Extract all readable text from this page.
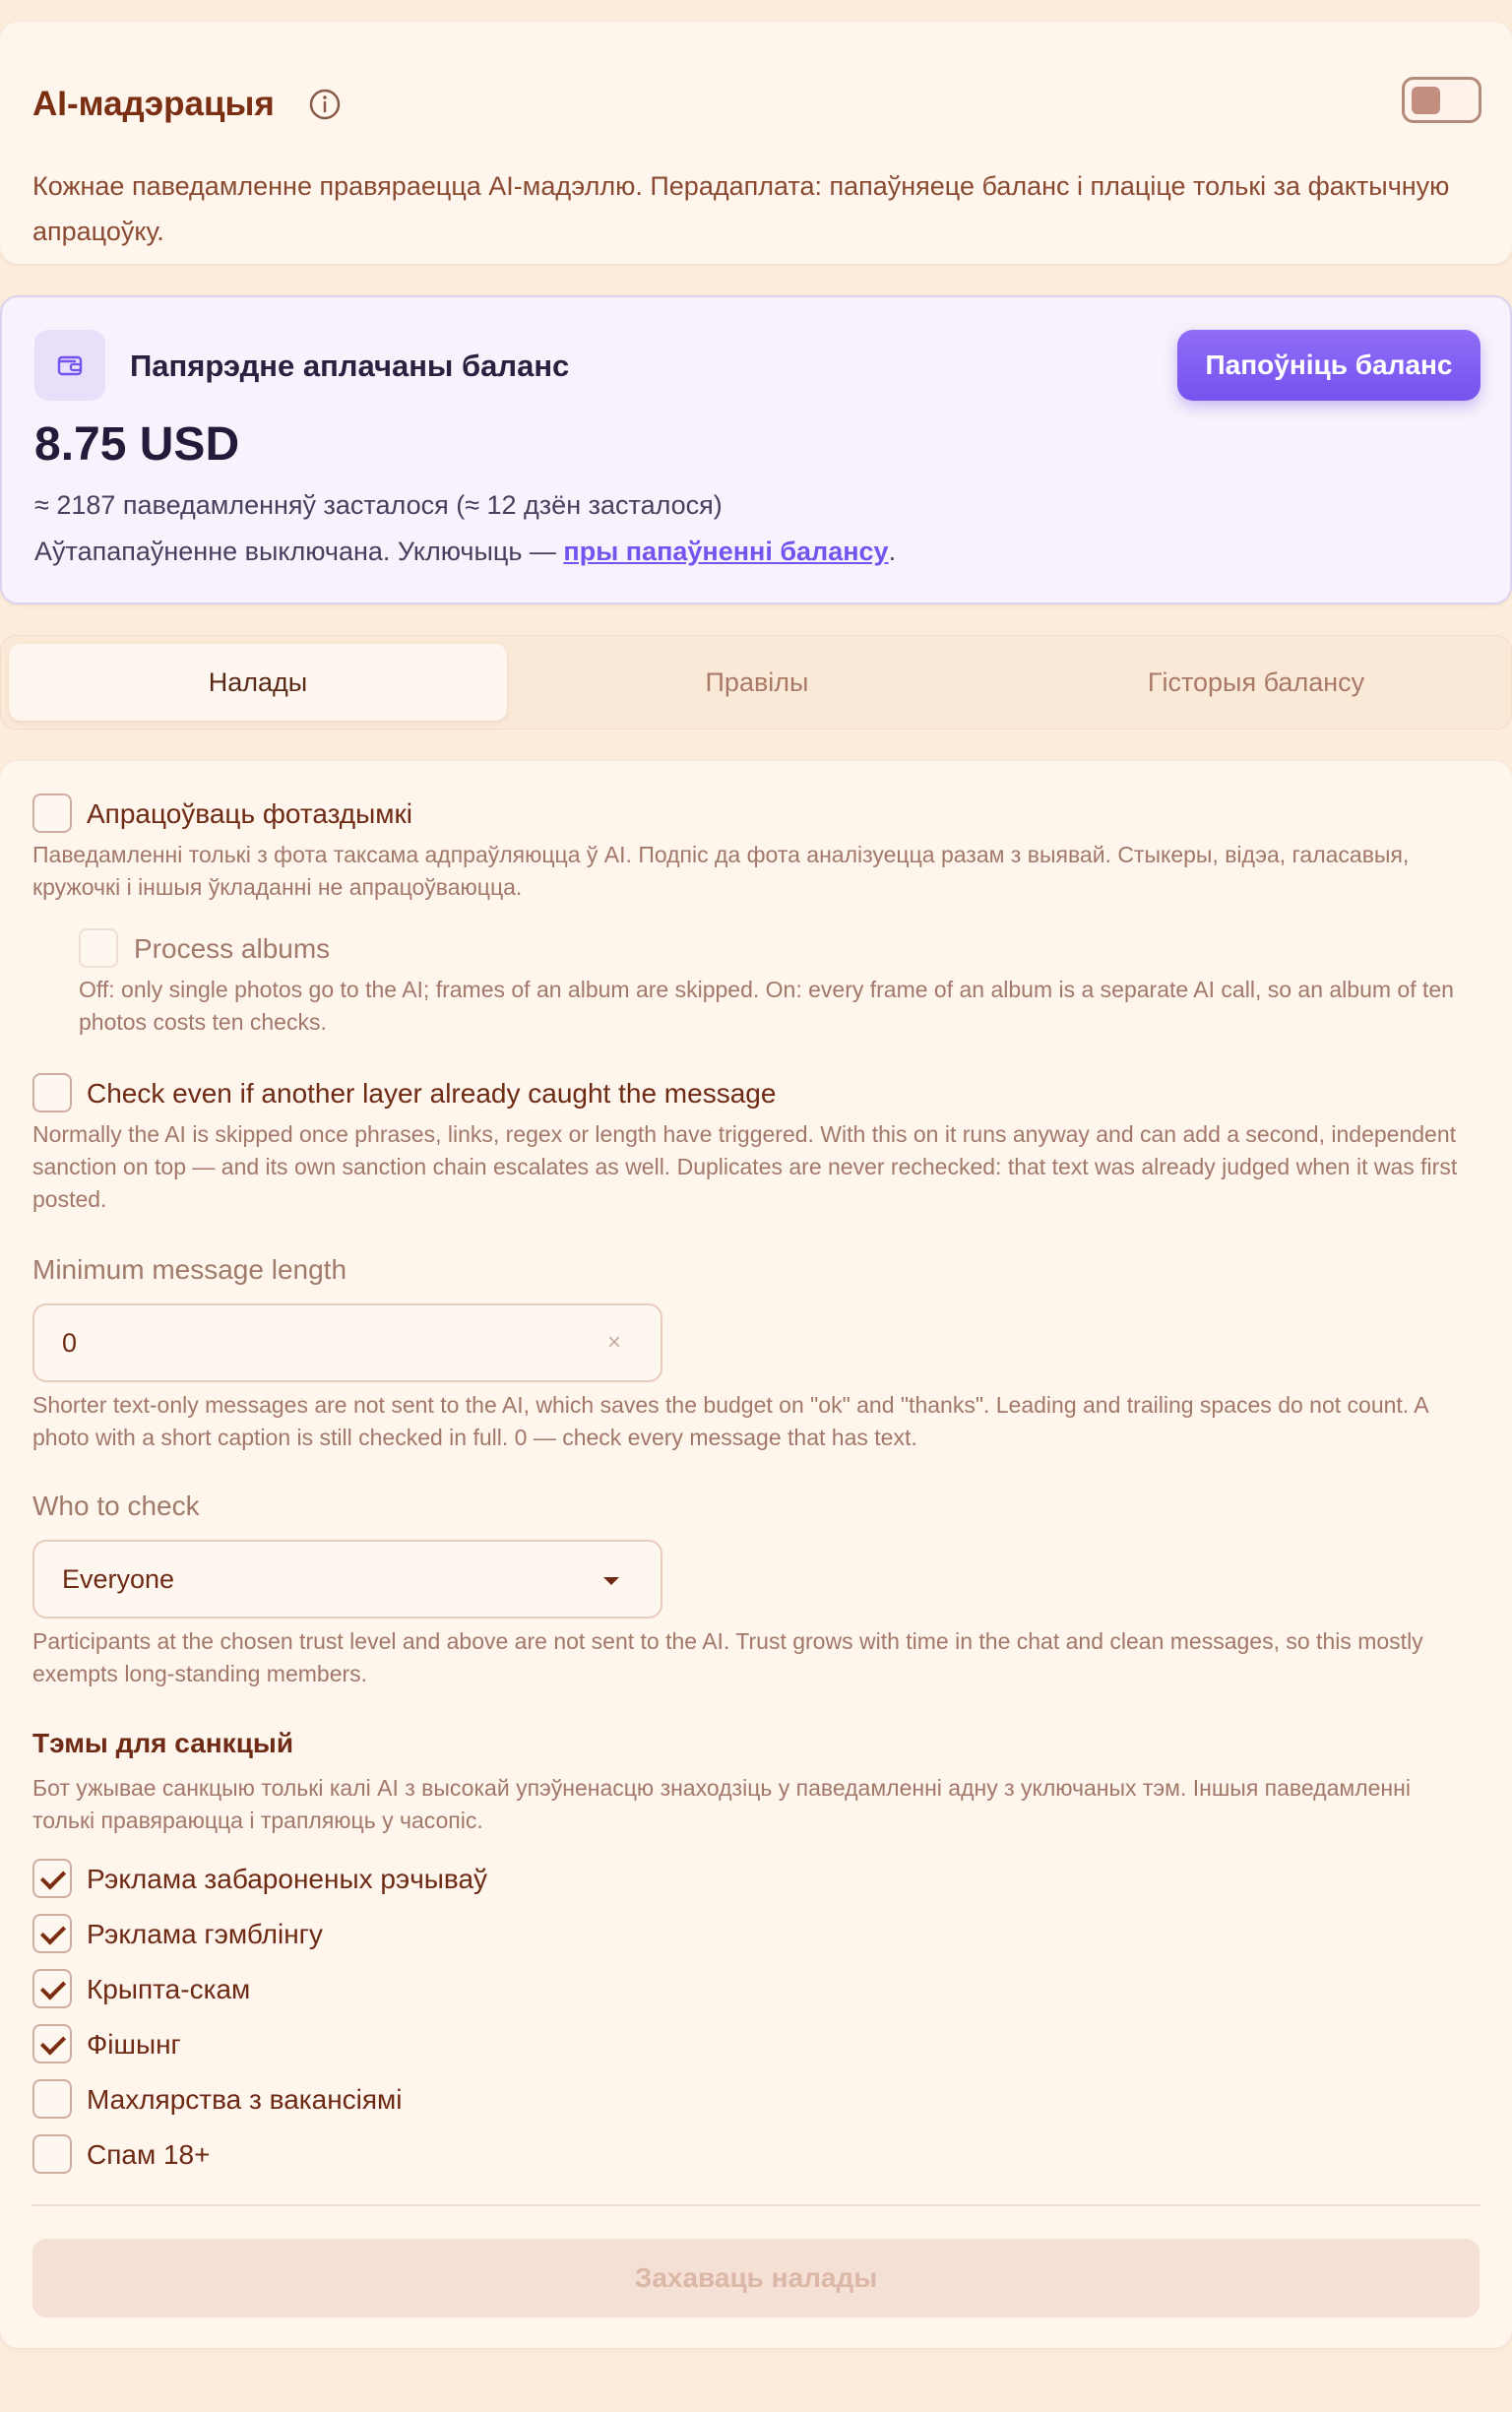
AI-мадэрацыя
Кожнае паведамленне правяраецца AI-мадэллю. Перадаплата: папаўняеце баланс і плаціце толькі за фактычную апрацоўку.
Папярэдне аплачаны баланс	Папоўніць баланс
8.75 USD
≈ 2187 паведамленняў засталося (≈ 12 дзён засталося)
Аўтапапаўненне выключана. Уключыць — пры папаўненні балансу.
Налады	Правілы	Гісторыя балансу
Апрацоўваць фотаздымкі
Паведамленні толькі з фота таксама адпраўляюцца ў AI. Подпіс да фота аналізуецца разам з выявай. Стыкеры, відэа, галасавыя, кружочкі і іншыя ўкладанні не апрацоўваюцца.
Process albums
Off: only single photos go to the AI; frames of an album are skipped. On: every frame of an album is a separate AI call, so an album of ten photos costs ten checks.
Check even if another layer already caught the message
Normally the AI is skipped once phrases, links, regex or length have triggered. With this on it runs anyway and can add a second, independent sanction on top — and its own sanction chain escalates as well. Duplicates are never rechecked: that text was already judged when it was first posted.
Minimum message length
0	×
Shorter text-only messages are not sent to the AI, which saves the budget on "ok" and "thanks". Leading and trailing spaces do not count. A photo with a short caption is still checked in full. 0 — check every message that has text.
Who to check
Everyone
Participants at the chosen trust level and above are not sent to the AI. Trust grows with time in the chat and clean messages, so this mostly exempts long-standing members.
Тэмы для санкцый
Бот ужывае санкцыю толькі калі AI з высокай упэўненасцю знаходзіць у паведамленні адну з уключаных тэм. Іншыя паведамленні толькі правяраюцца і трапляюць у часопіс.
Рэклама забароненых рэчываў
Рэклама гэмблінгу
Крыпта-скам
Фішынг
Махлярства з вакансіямі
Спам 18+
Захаваць налады
